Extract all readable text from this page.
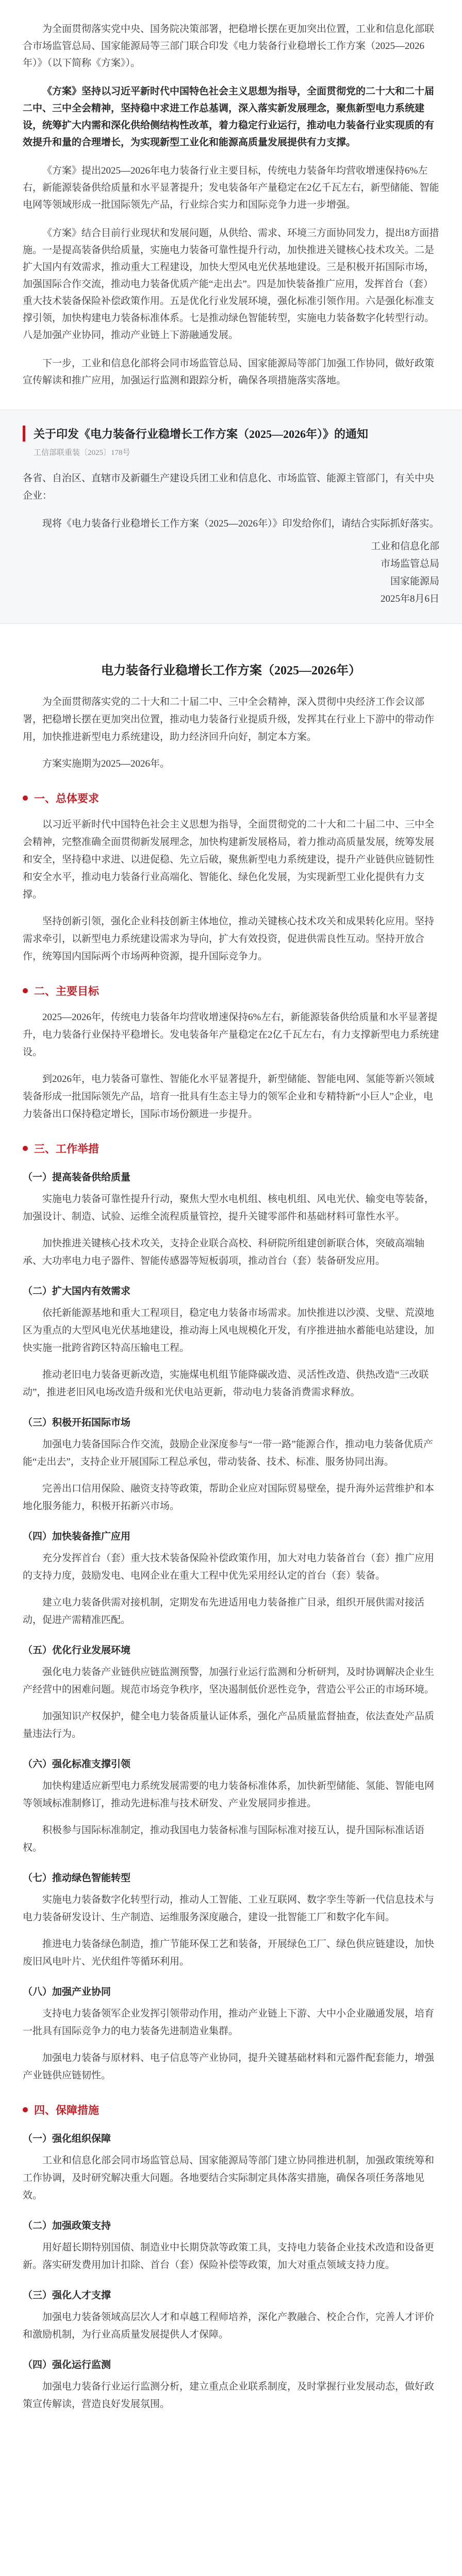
为全面贯彻落实党中央、国务院决策部署，把稳增长摆在更加突出位置，工业和信息化部联合市场监管总局、国家能源局等三部门联合印发《电力装备行业稳增长工作方案（2025—2026年）》（以下简称《方案》）。

《方案》坚持以习近平新时代中国特色社会主义思想为指导，全面贯彻党的二十大和二十届二中、三中全会精神，坚持稳中求进工作总基调，深入落实新发展理念，聚焦新型电力系统建设，统筹扩大内需和深化供给侧结构性改革，着力稳定行业运行，推动电力装备行业实现质的有效提升和量的合理增长，为实现新型工业化和能源高质量发展提供有力支撑。

《方案》提出2025—2026年电力装备行业主要目标，传统电力装备年均营收增速保持6%左右，新能源装备供给质量和水平显著提升；发电装备年产量稳定在2亿千瓦左右，新型储能、智能电网等领域形成一批国际领先产品，行业综合实力和国际竞争力进一步增强。

《方案》结合目前行业现状和发展问题，从供给、需求、环境三方面协同发力，提出8方面措施。一是提高装备供给质量，实施电力装备可靠性提升行动，加快推进关键核心技术攻关。二是扩大国内有效需求，推动重大工程建设，加快大型风电光伏基地建设。三是积极开拓国际市场，加强国际合作交流，推动电力装备优质产能“走出去”。四是加快装备推广应用，发挥首台（套）重大技术装备保险补偿政策作用。五是优化行业发展环境，强化标准引领作用。六是强化标准支撑引领，加快构建电力装备标准体系。七是推动绿色智能转型，实施电力装备数字化转型行动。八是加强产业协同，推动产业链上下游融通发展。

下一步，工业和信息化部将会同市场监管总局、国家能源局等部门加强工作协同，做好政策宣传解读和推广应用，加强运行监测和跟踪分析，确保各项措施落实落地。

关于印发《电力装备行业稳增长工作方案（2025—2026年）》的通知
工信部联重装〔2025〕178号

各省、自治区、直辖市及新疆生产建设兵团工业和信息化、市场监管、能源主管部门，有关中央企业：

现将《电力装备行业稳增长工作方案（2025—2026年）》印发给你们，请结合实际抓好落实。

工业和信息化部
市场监管总局
国家能源局
2025年8月6日
电力装备行业稳增长工作方案（2025—2026年）

为全面贯彻落实党的二十大和二十届二中、三中全会精神，深入贯彻中央经济工作会议部署，把稳增长摆在更加突出位置，推动电力装备行业提质升级，发挥其在行业上下游中的带动作用，加快推进新型电力系统建设，助力经济回升向好，制定本方案。

方案实施期为2025—2026年。

一、总体要求

以习近平新时代中国特色社会主义思想为指导，全面贯彻党的二十大和二十届二中、三中全会精神，完整准确全面贯彻新发展理念，加快构建新发展格局，着力推动高质量发展，统筹发展和安全，坚持稳中求进、以进促稳、先立后破，聚焦新型电力系统建设，提升产业链供应链韧性和安全水平，推动电力装备行业高端化、智能化、绿色化发展，为实现新型工业化提供有力支撑。

坚持创新引领，强化企业科技创新主体地位，推动关键核心技术攻关和成果转化应用。坚持需求牵引，以新型电力系统建设需求为导向，扩大有效投资，促进供需良性互动。坚持开放合作，统筹国内国际两个市场两种资源，提升国际竞争力。

二、主要目标

2025—2026年，传统电力装备年均营收增速保持6%左右，新能源装备供给质量和水平显著提升，电力装备行业保持平稳增长。发电装备年产量稳定在2亿千瓦左右，有力支撑新型电力系统建设。

到2026年，电力装备可靠性、智能化水平显著提升，新型储能、智能电网、氢能等新兴领域装备形成一批国际领先产品，培育一批具有生态主导力的领军企业和专精特新“小巨人”企业，电力装备出口保持稳定增长，国际市场份额进一步提升。

三、工作举措
（一）提高装备供给质量

实施电力装备可靠性提升行动，聚焦大型水电机组、核电机组、风电光伏、输变电等装备，加强设计、制造、试验、运维全流程质量管控，提升关键零部件和基础材料可靠性水平。

加快推进关键核心技术攻关，支持企业联合高校、科研院所组建创新联合体，突破高端轴承、大功率电力电子器件、智能传感器等短板弱项，推动首台（套）装备研发应用。

（二）扩大国内有效需求

依托新能源基地和重大工程项目，稳定电力装备市场需求。加快推进以沙漠、戈壁、荒漠地区为重点的大型风电光伏基地建设，推动海上风电规模化开发，有序推进抽水蓄能电站建设，加快实施一批跨省跨区特高压输电工程。

推动老旧电力装备更新改造，实施煤电机组节能降碳改造、灵活性改造、供热改造“三改联动”，推进老旧风电场改造升级和光伏电站更新，带动电力装备消费需求释放。

（三）积极开拓国际市场

加强电力装备国际合作交流，鼓励企业深度参与“一带一路”能源合作，推动电力装备优质产能“走出去”，支持企业开展国际工程总承包，带动装备、技术、标准、服务协同出海。

完善出口信用保险、融资支持等政策，帮助企业应对国际贸易壁垒，提升海外运营维护和本地化服务能力，积极开拓新兴市场。

（四）加快装备推广应用

充分发挥首台（套）重大技术装备保险补偿政策作用，加大对电力装备首台（套）推广应用的支持力度，鼓励发电、电网企业在重大工程中优先采用经认定的首台（套）装备。

建立电力装备供需对接机制，定期发布先进适用电力装备推广目录，组织开展供需对接活动，促进产需精准匹配。

（五）优化行业发展环境

强化电力装备产业链供应链监测预警，加强行业运行监测和分析研判，及时协调解决企业生产经营中的困难问题。规范市场竞争秩序，坚决遏制低价恶性竞争，营造公平公正的市场环境。

加强知识产权保护，健全电力装备质量认证体系，强化产品质量监督抽查，依法查处产品质量违法行为。

（六）强化标准支撑引领

加快构建适应新型电力系统发展需要的电力装备标准体系，加快新型储能、氢能、智能电网等领域标准制修订，推动先进标准与技术研发、产业发展同步推进。

积极参与国际标准制定，推动我国电力装备标准与国际标准对接互认，提升国际标准话语权。

（七）推动绿色智能转型

实施电力装备数字化转型行动，推动人工智能、工业互联网、数字孪生等新一代信息技术与电力装备研发设计、生产制造、运维服务深度融合，建设一批智能工厂和数字化车间。

推进电力装备绿色制造，推广节能环保工艺和装备，开展绿色工厂、绿色供应链建设，加快废旧风电叶片、光伏组件等循环利用。

（八）加强产业协同

支持电力装备领军企业发挥引领带动作用，推动产业链上下游、大中小企业融通发展，培育一批具有国际竞争力的电力装备先进制造业集群。

加强电力装备与原材料、电子信息等产业协同，提升关键基础材料和元器件配套能力，增强产业链供应链韧性。

四、保障措施
（一）强化组织保障

工业和信息化部会同市场监管总局、国家能源局等部门建立协同推进机制，加强政策统筹和工作协调，及时研究解决重大问题。各地要结合实际制定具体落实措施，确保各项任务落地见效。

（二）加强政策支持

用好超长期特别国债、制造业中长期贷款等政策工具，支持电力装备企业技术改造和设备更新。落实研发费用加计扣除、首台（套）保险补偿等政策，加大对重点领域支持力度。

（三）强化人才支撑

加强电力装备领域高层次人才和卓越工程师培养，深化产教融合、校企合作，完善人才评价和激励机制，为行业高质量发展提供人才保障。

（四）强化运行监测

加强电力装备行业运行监测分析，建立重点企业联系制度，及时掌握行业发展动态，做好政策宣传解读，营造良好发展氛围。
